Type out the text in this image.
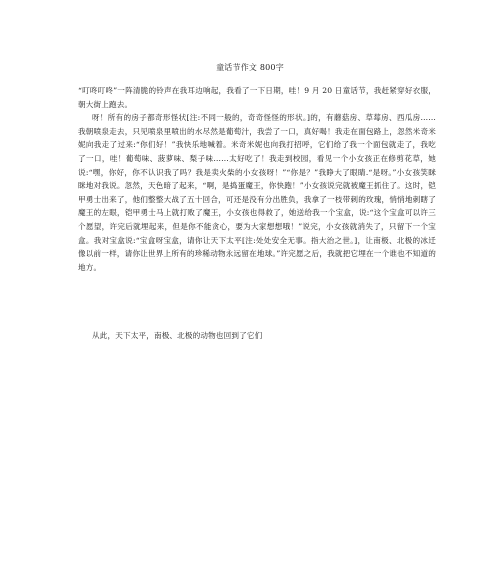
童话节作文 800字

“叮咚叮咚”一阵清脆的铃声在我耳边响起，我看了一下日期，哇！9 月 20 日童话节，我赶紧穿好衣服，朝大街上跑去。

呀！所有的房子都奇形怪状[注:不同一般的，奇奇怪怪的形状。]的，有蘑菇房、草莓房、西瓜房……我朝喷泉走去，只见喷泉里喷出的水尽然是葡萄汁，我尝了一口，真好喝！我走在面包路上，忽然米奇米妮向我走了过来:“你们好！”我快乐地喊着。米奇米妮也向我打招呼，它们给了我一个面包就走了，我吃了一口，哇！葡萄味、菠萝味、梨子味……太好吃了！我走到校园，看见一个小女孩正在修剪花草，她说:“嘿，你好，你不认识我了吗？我是卖火柴的小女孩呀！”“你是？”我睁大了眼睛.“是呀。”小女孩笑眯眯地对我说。忽然，天色暗了起来，“啊，是捣蛋魔王，你快跑！”小女孩说完就被魔王抓住了。这时，铠甲勇士出来了，他们整整大战了五十回合，可还是没有分出胜负，我拿了一枝带刺的玫瑰，悄悄地刺瞎了魔王的左眼，铠甲勇士马上就打败了魔王，小女孩也得救了，她送给我一个宝盒，说:“这个宝盒可以许三个愿望，许完后就埋起来，但是你不能贪心，要为大家想想哦！”说完，小女孩就消失了，只留下一个宝盒。我对宝盒说:“宝盒呀宝盒，请你让天下太平[注:处处安全无事。指大治之世。]，让南极、北极的冰迁像以前一样，请你让世界上所有的珍稀动物永远留在地球。”许完愿之后，我就把它埋在一个谁也不知道的地方。

从此，天下太平，南极、北极的动物也回到了它们
